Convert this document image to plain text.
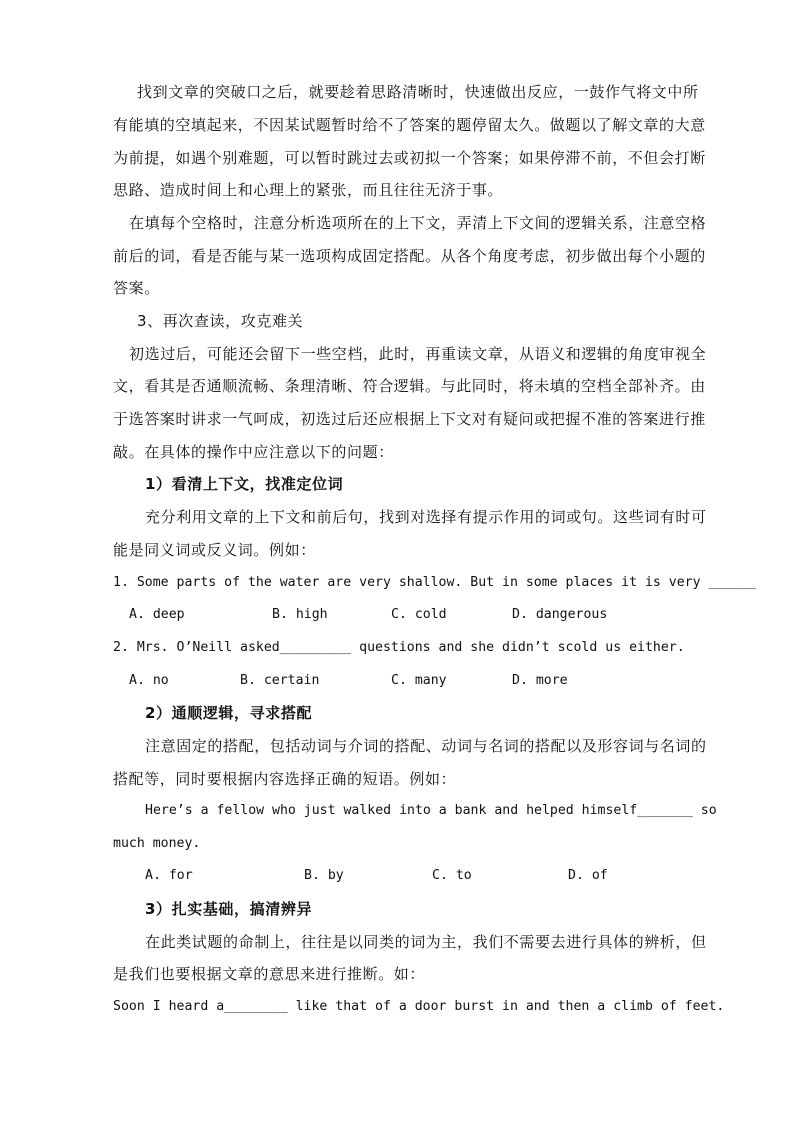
找到文章的突破口之后，就要趁着思路清晰时，快速做出反应，一鼓作气将文中所
有能填的空填起来，不因某试题暂时给不了答案的题停留太久。做题以了解文章的大意
为前提，如遇个别难题，可以暂时跳过去或初拟一个答案；如果停滞不前，不但会打断
思路、造成时间上和心理上的紧张，而且往往无济于事。
在填每个空格时，注意分析选项所在的上下文，弄清上下文间的逻辑关系，注意空格
前后的词，看是否能与某一选项构成固定搭配。从各个角度考虑，初步做出每个小题的
答案。
3、再次查读，攻克难关
初选过后，可能还会留下一些空档，此时，再重读文章，从语义和逻辑的角度审视全
文，看其是否通顺流畅、条理清晰、符合逻辑。与此同时，将未填的空档全部补齐。由
于选答案时讲求一气呵成，初选过后还应根据上下文对有疑问或把握不准的答案进行推
敲。在具体的操作中应注意以下的问题：
1）看清上下文，找准定位词
充分利用文章的上下文和前后句，找到对选择有提示作用的词或句。这些词有时可
能是同义词或反义词。例如：
1. Some parts of the water are very shallow. But in some places it is very ______
A. deep	B. high	C. cold	D. dangerous
2. Mrs. O’Neill asked_________ questions and she didn’t scold us either.
A. no	B. certain	C. many	D. more
2）通顺逻辑，寻求搭配
注意固定的搭配，包括动词与介词的搭配、动词与名词的搭配以及形容词与名词的
搭配等，同时要根据内容选择正确的短语。例如：
Here’s a fellow who just walked into a bank and helped himself_______ so
much money.
A. for	B. by	C. to	D. of
3）扎实基础，搞清辨异
在此类试题的命制上，往往是以同类的词为主，我们不需要去进行具体的辨析，但
是我们也要根据文章的意思来进行推断。如：
Soon I heard a________ like that of a door burst in and then a climb of feet.
